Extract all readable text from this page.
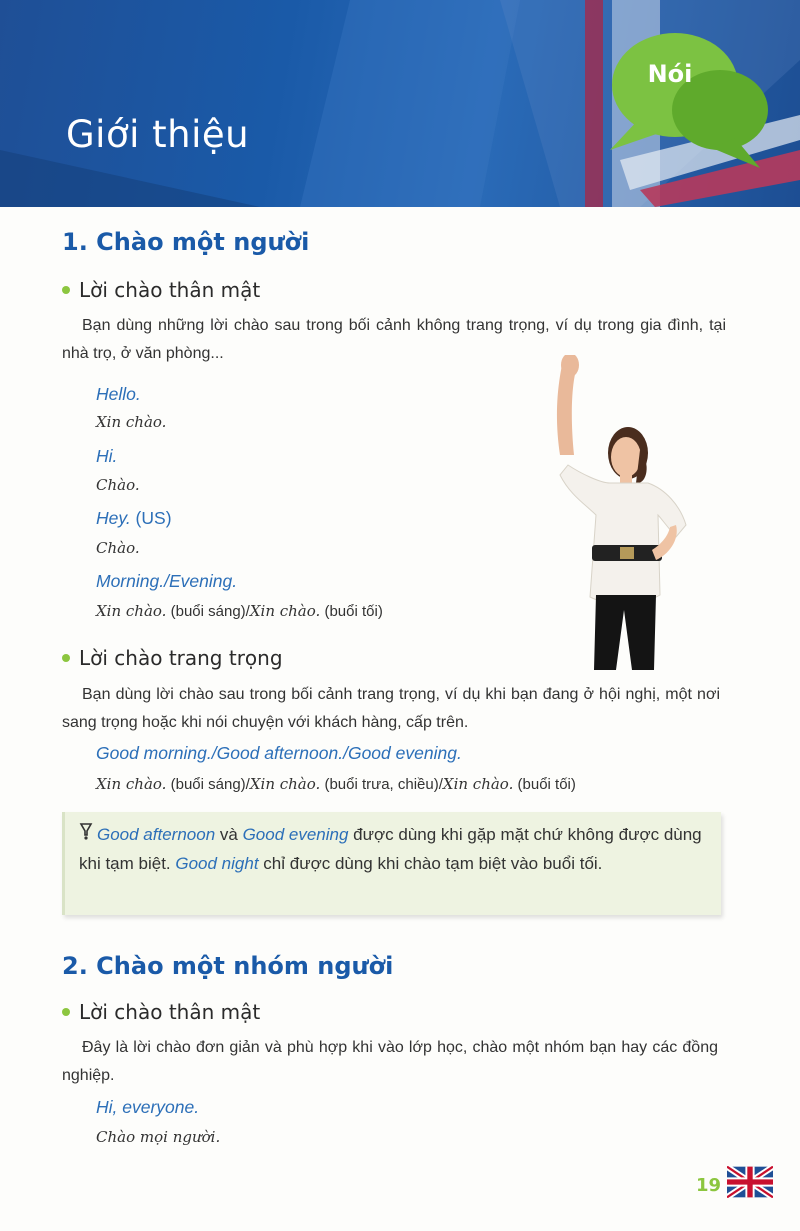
Giới thiệu
Nói
1. Chào một người
Lời chào thân mật

Bạn dùng những lời chào sau trong bối cảnh không trang trọng, ví dụ trong gia đình, tại nhà trọ, ở văn phòng...

Hello.
Xin chào.
Hi.
Chào.
Hey. (US)
Chào.
Morning./Evening.
Xin chào. (buổi sáng)/Xin chào. (buổi tối)
Lời chào trang trọng

Bạn dùng lời chào sau trong bối cảnh trang trọng, ví dụ khi bạn đang ở hội nghị, một nơi sang trọng hoặc khi nói chuyện với khách hàng, cấp trên.

Good morning./Good afternoon./Good evening.
Xin chào. (buổi sáng)/Xin chào. (buổi trưa, chiều)/Xin chào. (buổi tối)
Good afternoon và Good evening được dùng khi gặp mặt chứ không được dùng khi tạm biệt. Good night chỉ được dùng khi chào tạm biệt vào buổi tối.
2. Chào một nhóm người
Lời chào thân mật

Đây là lời chào đơn giản và phù hợp khi vào lớp học, chào một nhóm bạn hay các đồng nghiệp.

Hi, everyone.
Chào mọi người.
19
